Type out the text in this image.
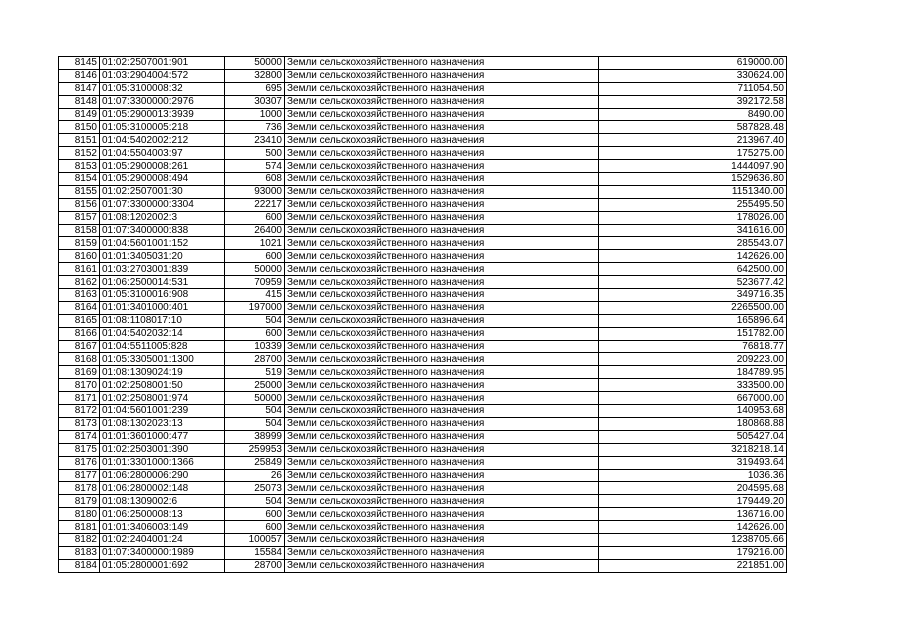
8145	01:02:2507001:901	50000	Земли сельскохозяйственного назначения	619000.00
8146	01:03:2904004:572	32800	Земли сельскохозяйственного назначения	330624.00
8147	01:05:3100008:32	695	Земли сельскохозяйственного назначения	711054.50
8148	01:07:3300000:2976	30307	Земли сельскохозяйственного назначения	392172.58
8149	01:05:2900013:3939	1000	Земли сельскохозяйственного назначения	8490.00
8150	01:05:3100005:218	736	Земли сельскохозяйственного назначения	587828.48
8151	01:04:5402002:212	23410	Земли сельскохозяйственного назначения	213967.40
8152	01:04:5504003:97	500	Земли сельскохозяйственного назначения	175275.00
8153	01:05:2900008:261	574	Земли сельскохозяйственного назначения	1444097.90
8154	01:05:2900008:494	608	Земли сельскохозяйственного назначения	1529636.80
8155	01:02:2507001:30	93000	Земли сельскохозяйственного назначения	1151340.00
8156	01:07:3300000:3304	22217	Земли сельскохозяйственного назначения	255495.50
8157	01:08:1202002:3	600	Земли сельскохозяйственного назначения	178026.00
8158	01:07:3400000:838	26400	Земли сельскохозяйственного назначения	341616.00
8159	01:04:5601001:152	1021	Земли сельскохозяйственного назначения	285543.07
8160	01:01:3405031:20	600	Земли сельскохозяйственного назначения	142626.00
8161	01:03:2703001:839	50000	Земли сельскохозяйственного назначения	642500.00
8162	01:06:2500014:531	70959	Земли сельскохозяйственного назначения	523677.42
8163	01:05:3100016:908	415	Земли сельскохозяйственного назначения	349716.35
8164	01:01:3401000:401	197000	Земли сельскохозяйственного назначения	2265500.00
8165	01:08:1108017:10	504	Земли сельскохозяйственного назначения	165896.64
8166	01:04:5402032:14	600	Земли сельскохозяйственного назначения	151782.00
8167	01:04:5511005:828	10339	Земли сельскохозяйственного назначения	76818.77
8168	01:05:3305001:1300	28700	Земли сельскохозяйственного назначения	209223.00
8169	01:08:1309024:19	519	Земли сельскохозяйственного назначения	184789.95
8170	01:02:2508001:50	25000	Земли сельскохозяйственного назначения	333500.00
8171	01:02:2508001:974	50000	Земли сельскохозяйственного назначения	667000.00
8172	01:04:5601001:239	504	Земли сельскохозяйственного назначения	140953.68
8173	01:08:1302023:13	504	Земли сельскохозяйственного назначения	180868.88
8174	01:01:3601000:477	38999	Земли сельскохозяйственного назначения	505427.04
8175	01:02:2503001:390	259953	Земли сельскохозяйственного назначения	3218218.14
8176	01:01:3301000:1366	25849	Земли сельскохозяйственного назначения	319493.64
8177	01:06:2800006:290	26	Земли сельскохозяйственного назначения	1036.36
8178	01:06:2800002:148	25073	Земли сельскохозяйственного назначения	204595.68
8179	01:08:1309002:6	504	Земли сельскохозяйственного назначения	179449.20
8180	01:06:2500008:13	600	Земли сельскохозяйственного назначения	136716.00
8181	01:01:3406003:149	600	Земли сельскохозяйственного назначения	142626.00
8182	01:02:2404001:24	100057	Земли сельскохозяйственного назначения	1238705.66
8183	01:07:3400000:1989	15584	Земли сельскохозяйственного назначения	179216.00
8184	01:05:2800001:692	28700	Земли сельскохозяйственного назначения	221851.00
